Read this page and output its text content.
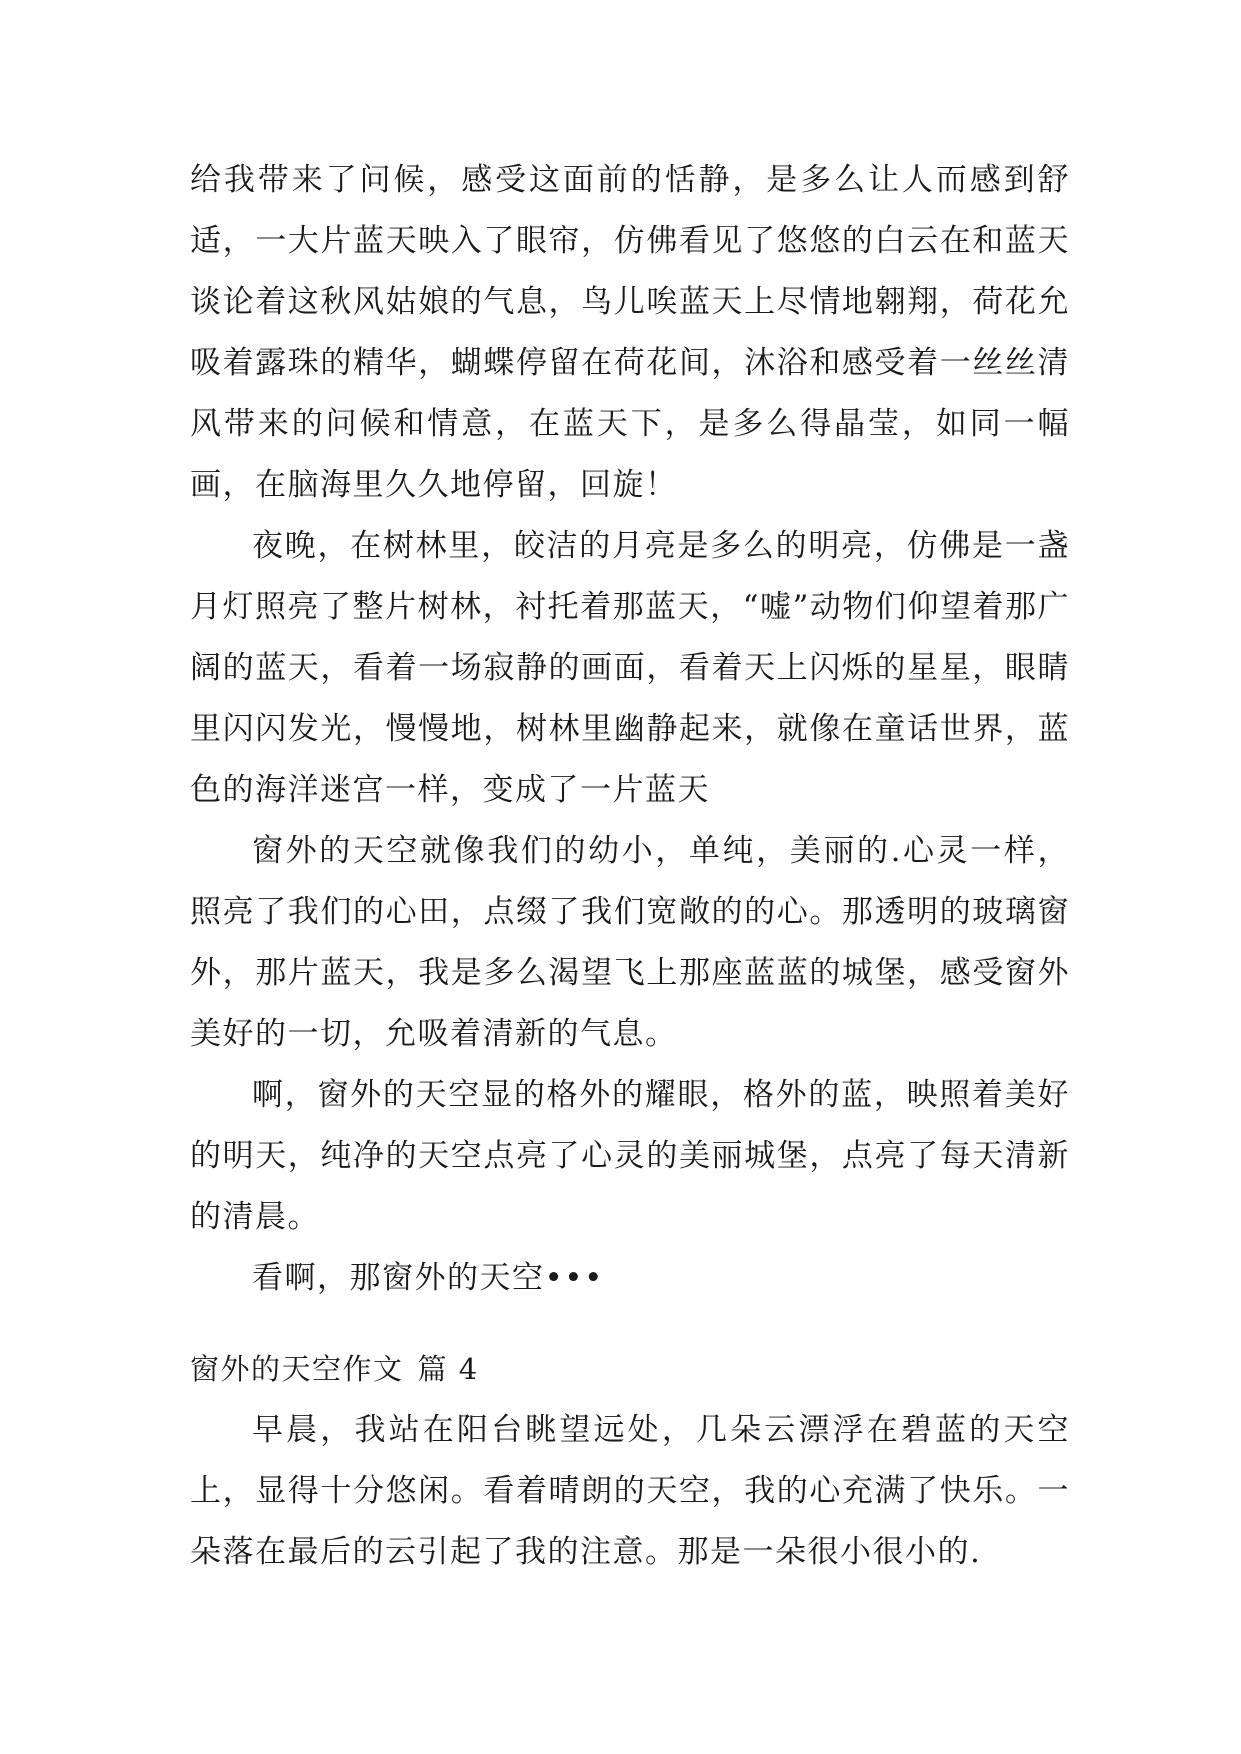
给我带来了问候，感受这面前的恬静，是多么让人而感到舒适，一大片蓝天映入了眼帘，仿佛看见了悠悠的白云在和蓝天谈论着这秋风姑娘的气息，鸟儿唉蓝天上尽情地翱翔，荷花允吸着露珠的精华，蝴蝶停留在荷花间，沐浴和感受着一丝丝清风带来的问候和情意，在蓝天下，是多么得晶莹，如同一幅画，在脑海里久久地停留，回旋！

夜晚，在树林里，皎洁的月亮是多么的明亮，仿佛是一盏月灯照亮了整片树林，衬托着那蓝天，“嘘”动物们仰望着那广阔的蓝天，看着一场寂静的画面，看着天上闪烁的星星，眼睛里闪闪发光，慢慢地，树林里幽静起来，就像在童话世界，蓝色的海洋迷宫一样，变成了一片蓝天

窗外的天空就像我们的幼小，单纯，美丽的.心灵一样，照亮了我们的心田，点缀了我们宽敞的的心。那透明的玻璃窗外，那片蓝天，我是多么渴望飞上那座蓝蓝的城堡，感受窗外美好的一切，允吸着清新的气息。

啊，窗外的天空显的格外的耀眼，格外的蓝，映照着美好的明天，纯净的天空点亮了心灵的美丽城堡，点亮了每天清新的清晨。

看啊，那窗外的天空•••

窗外的天空作文 篇 4

早晨，我站在阳台眺望远处，几朵云漂浮在碧蓝的天空上，显得十分悠闲。看着晴朗的天空，我的心充满了快乐。一朵落在最后的云引起了我的注意。那是一朵很小很小的.
